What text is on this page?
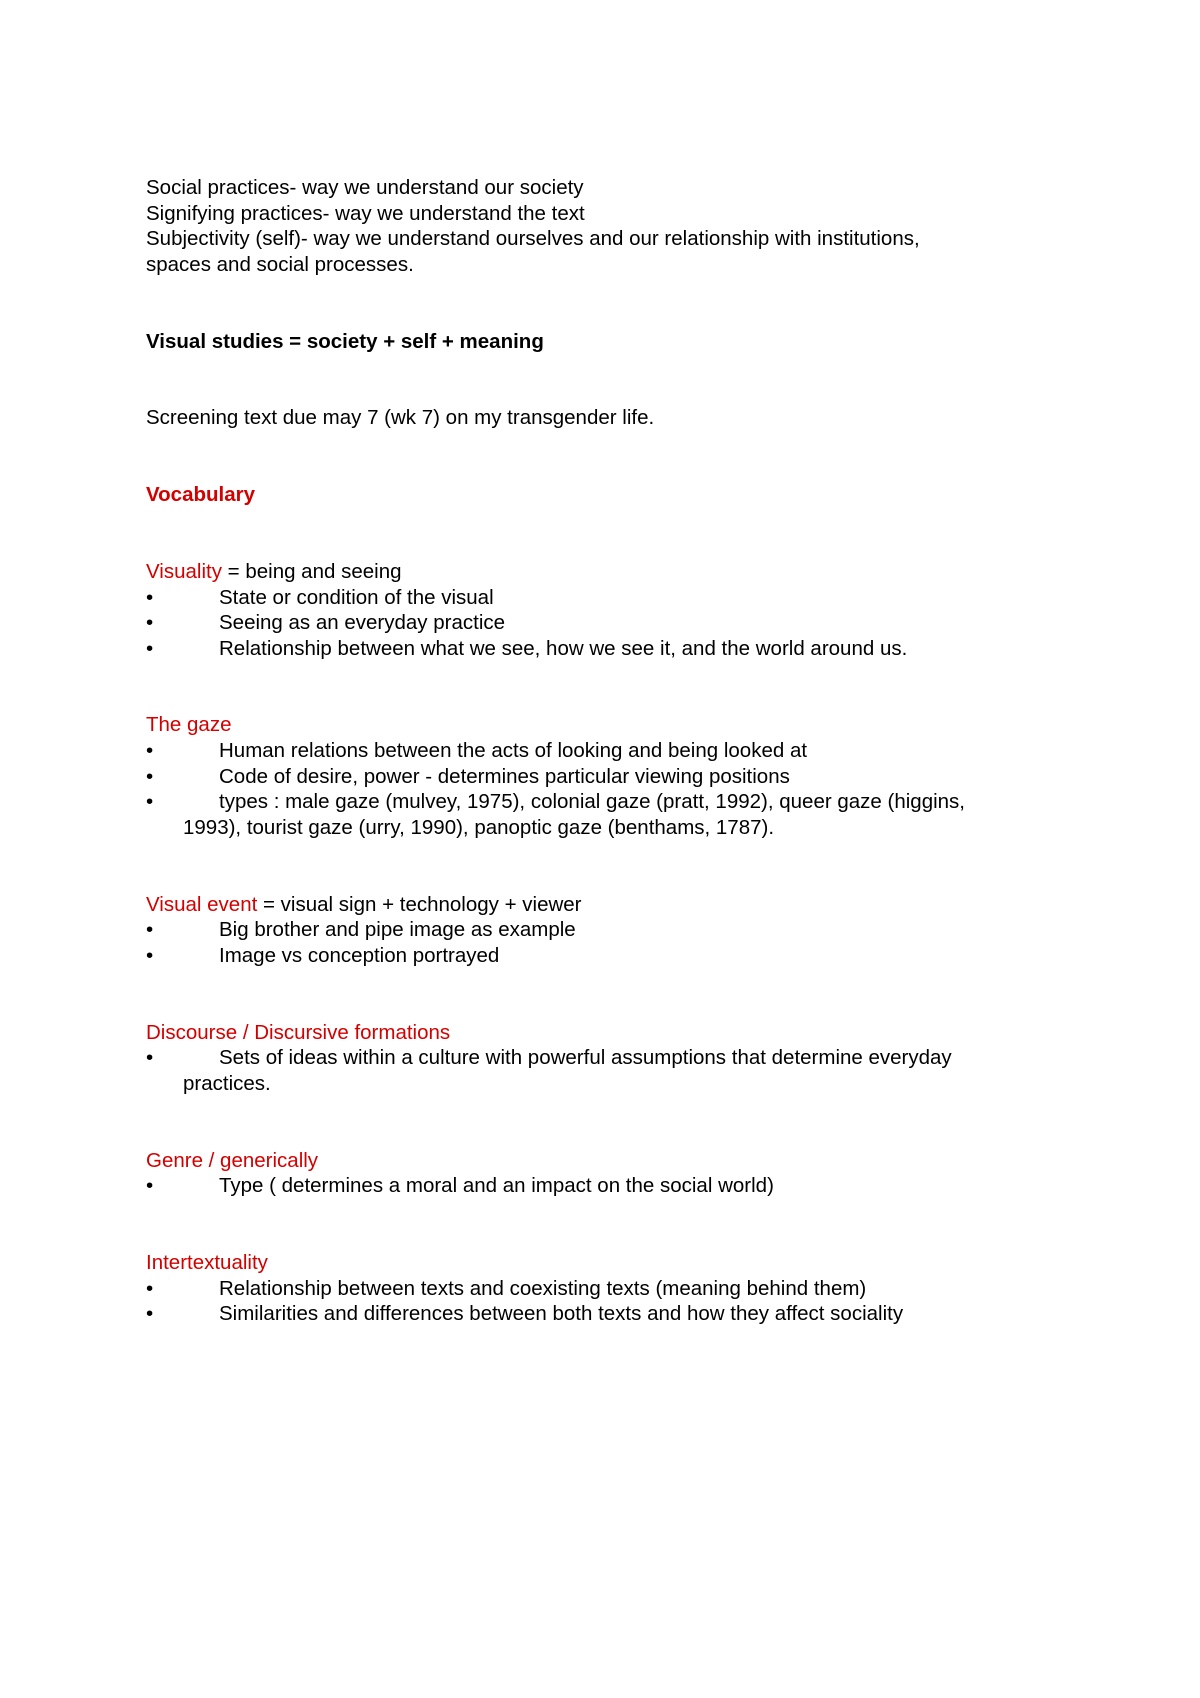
Social practices- way we understand our society
Signifying practices- way we understand the text
Subjectivity (self)- way we understand ourselves and our relationship with institutions,
spaces and social processes.
Visual studies = society + self + meaning
Screening text due may 7 (wk 7) on my transgender life.
Vocabulary
Visuality = being and seeing
•	State or condition of the visual
•	Seeing as an everyday practice
•	Relationship between what we see, how we see it, and the world around us.
The gaze
•	Human relations between the acts of looking and being looked at
•	Code of desire, power - determines particular viewing positions
•	types : male gaze (mulvey, 1975), colonial gaze (pratt, 1992), queer gaze (higgins,
1993), tourist gaze (urry, 1990), panoptic gaze (benthams, 1787).
Visual event = visual sign + technology + viewer
•	Big brother and pipe image as example
•	Image vs conception portrayed
Discourse / Discursive formations
•	Sets of ideas within a culture with powerful assumptions that determine everyday
practices.
Genre / generically
•	Type ( determines a moral and an impact on the social world)
Intertextuality
•	Relationship between texts and coexisting texts (meaning behind them)
•	Similarities and differences between both texts and how they affect sociality
